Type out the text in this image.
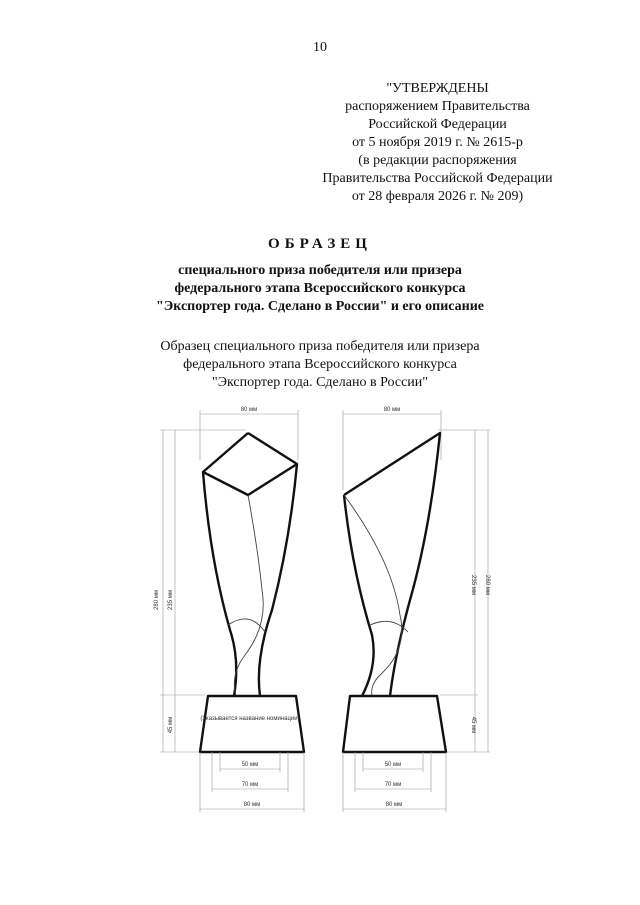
10
"УТВЕРЖДЕНЫ
распоряжением Правительства
Российской Федерации
от 5 ноября 2019 г. № 2615-р
(в редакции распоряжения
Правительства Российской Федерации
от 28 февраля 2026 г. № 209)
ОБРАЗЕЦ
специального приза победителя или призера
федерального этапа Всероссийского конкурса
"Экспортер года. Сделано в России" и его описание
Образец специального приза победителя или призера
федерального этапа Всероссийского конкурса
"Экспортер года. Сделано в России"
80 мм
280 мм 235 мм
45 мм	(Указывается название номинации)
50 мм
70 мм
80 мм
80 мм
280 мм
235 мм
45 мм
50 мм
70 мм
80 мм
